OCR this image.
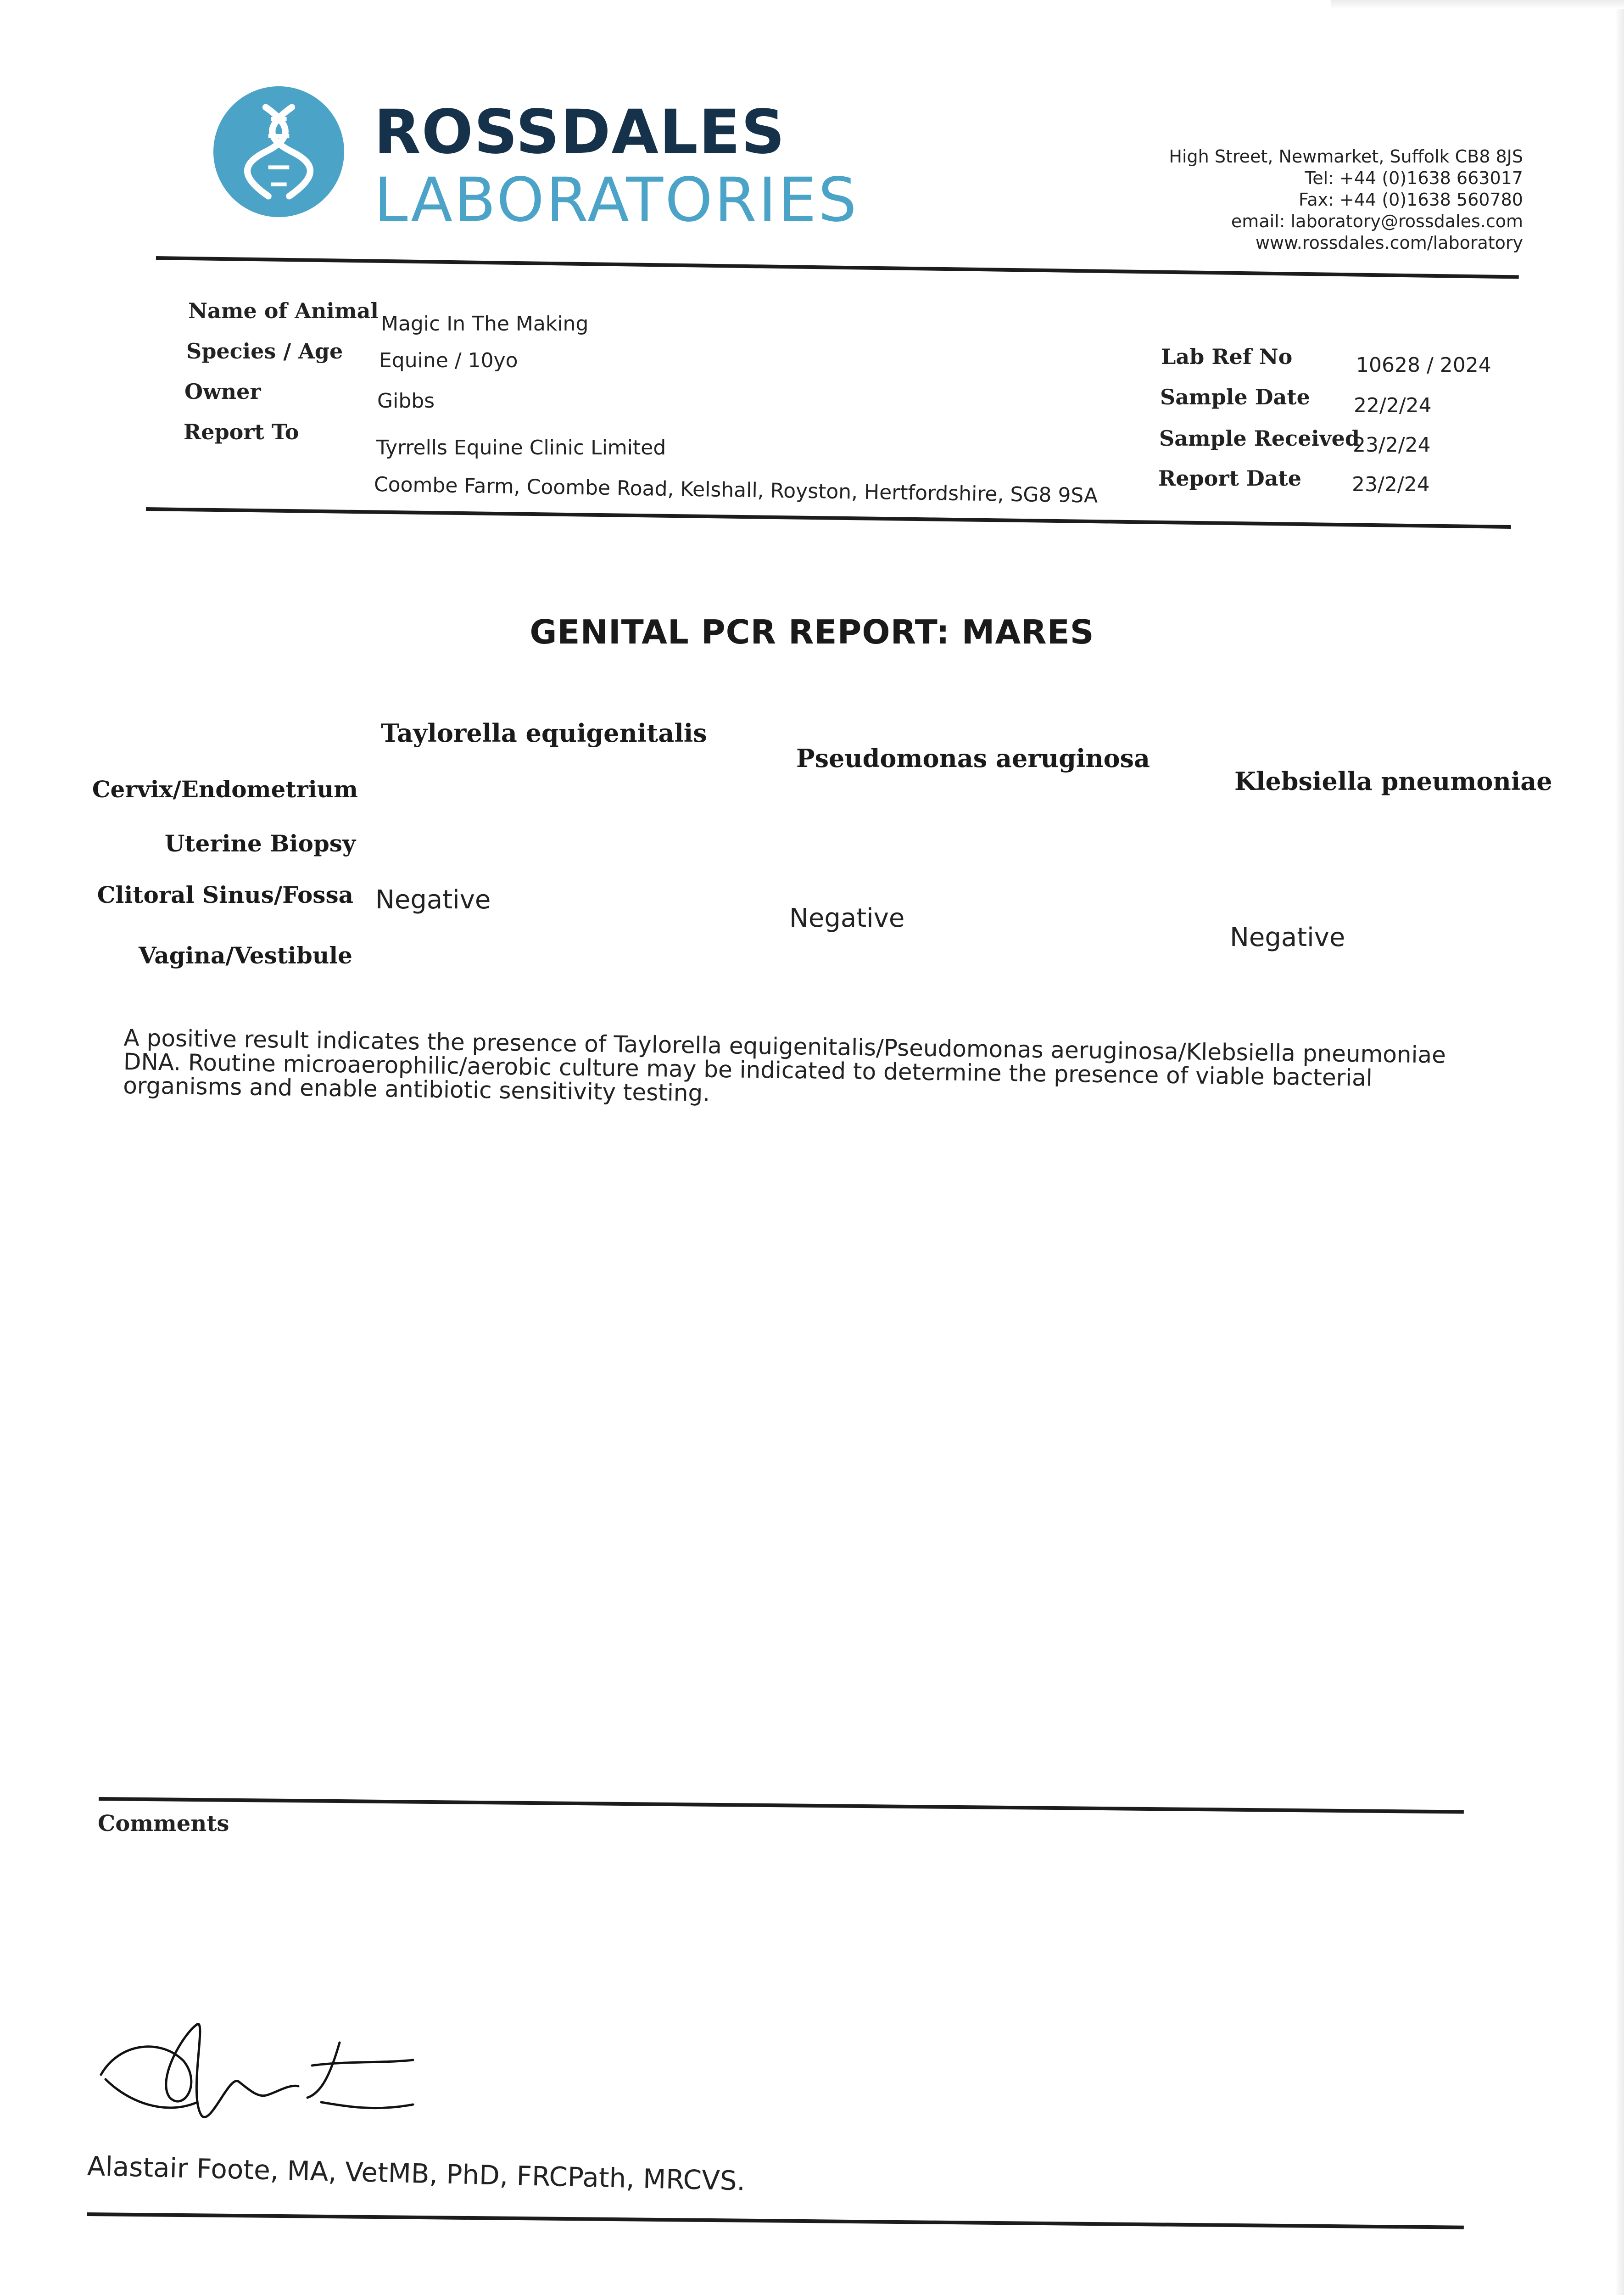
ROSSDALES
LABORATORIES
High Street, Newmarket, Suffolk CB8 8JS
Tel: +44 (0)1638 663017
Fax: +44 (0)1638 560780
email: laboratory@rossdales.com
www.rossdales.com/laboratory
Name of Animal
Magic In The Making
Species / Age Equine / 10yo
Owner	Gibbs
Report To
Tyrrells Equine Clinic Limited
Coombe Farm, Coombe Road, Kelshall, Royston, Hertfordshire, SG8 9SA
Lab Ref No	10628 / 2024
Sample Date 22/2/24
Sample Received
23/2/24
Report Date 23/2/24
GENITAL PCR REPORT: MARES
Taylorella equigenitalis
Pseudomonas aeruginosa
Klebsiella pneumoniae
Cervix/Endometrium
Uterine Biopsy
Clitoral Sinus/Fossa
Vagina/Vestibule
Negative
Negative
Negative
A positive result indicates the presence of Taylorella equigenitalis/Pseudomonas aeruginosa/Klebsiella pneumoniae DNA. Routine microaerophilic/aerobic culture may be indicated to determine the presence of viable bacterial organisms and enable antibiotic sensitivity testing.
Comments
Alastair Foote, MA, VetMB, PhD, FRCPath, MRCVS.
